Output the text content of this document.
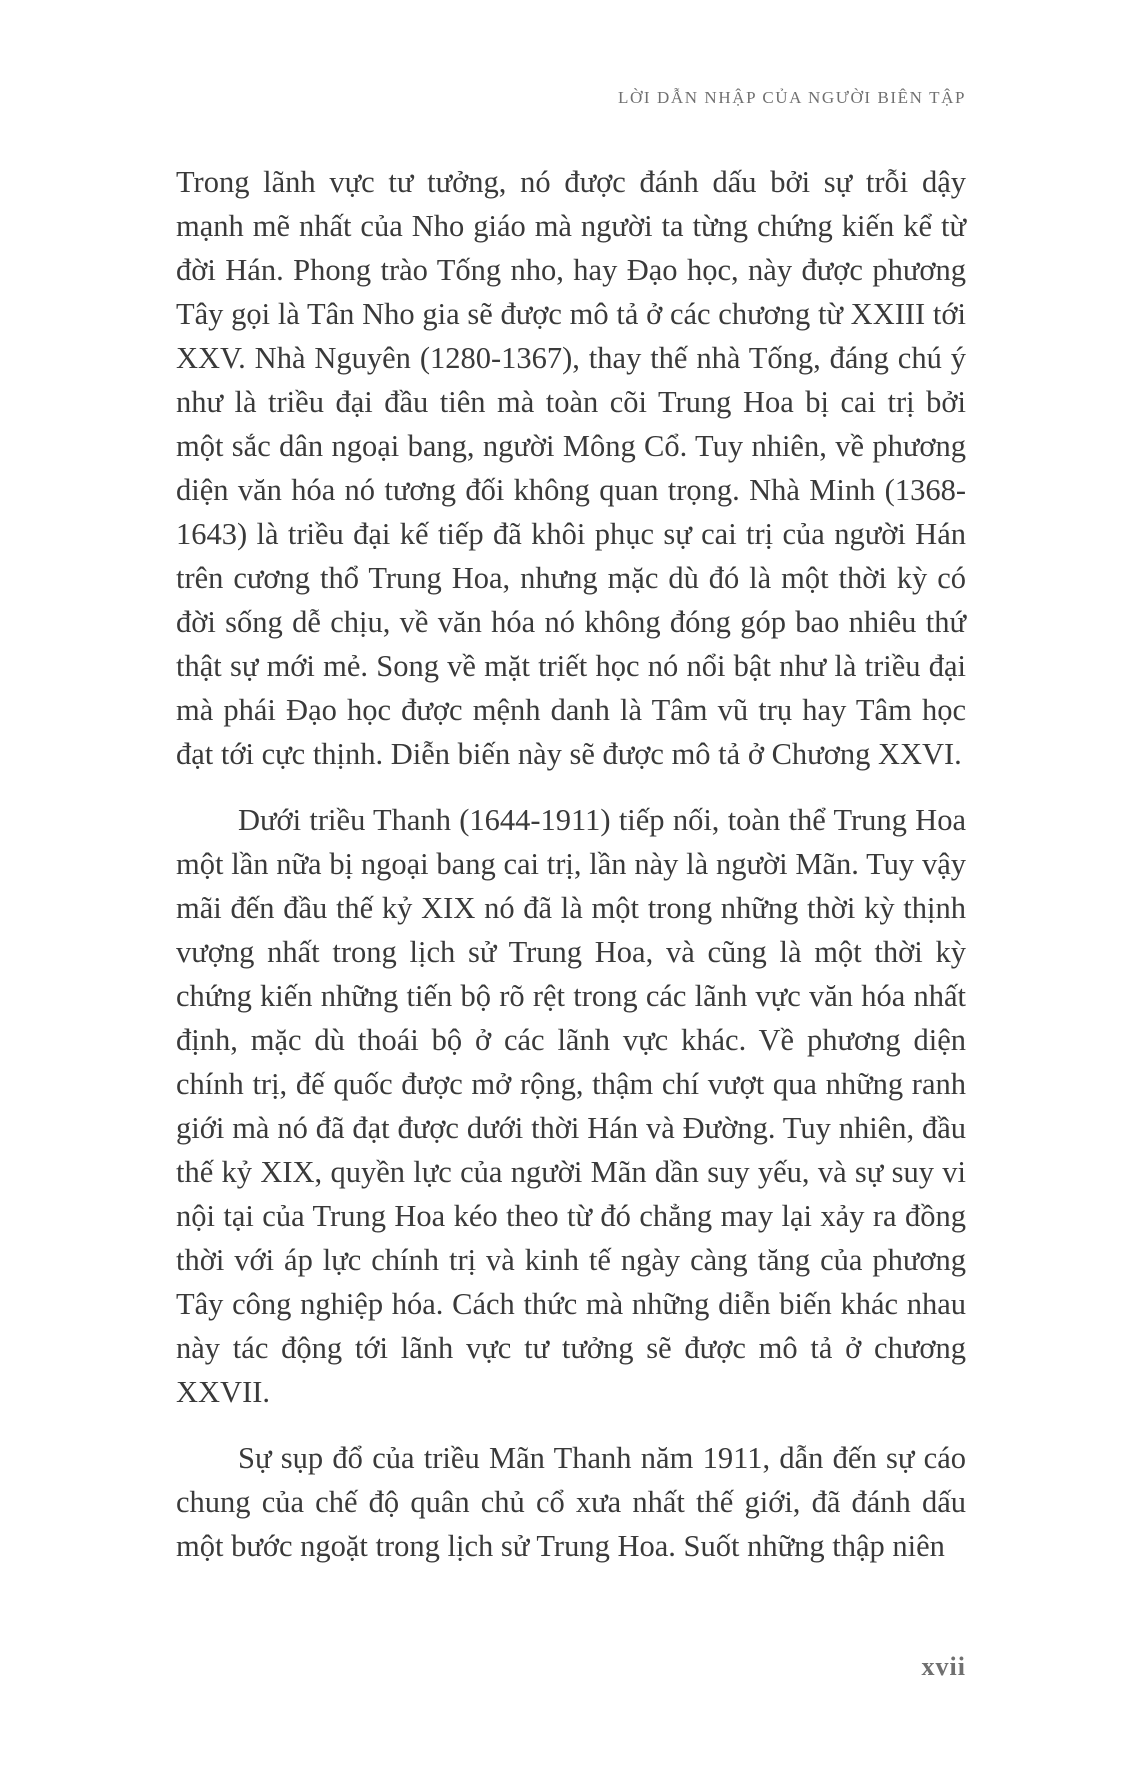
LỜI DẪN NHẬP CỦA NGƯỜI BIÊN TẬP

Trong lãnh vực tư tưởng, nó được đánh dấu bởi sự trỗi dậy mạnh mẽ nhất của Nho giáo mà người ta từng chứng kiến kể từ đời Hán. Phong trào Tống nho, hay Đạo học, này được phương Tây gọi là Tân Nho gia sẽ được mô tả ở các chương từ XXIII tới XXV. Nhà Nguyên (1280-1367), thay thế nhà Tống, đáng chú ý như là triều đại đầu tiên mà toàn cõi Trung Hoa bị cai trị bởi một sắc dân ngoại bang, người Mông Cổ. Tuy nhiên, về phương diện văn hóa nó tương đối không quan trọng. Nhà Minh (1368-1643) là triều đại kế tiếp đã khôi phục sự cai trị của người Hán trên cương thổ Trung Hoa, nhưng mặc dù đó là một thời kỳ có đời sống dễ chịu, về văn hóa nó không đóng góp bao nhiêu thứ thật sự mới mẻ. Song về mặt triết học nó nổi bật như là triều đại mà phái Đạo học được mệnh danh là Tâm vũ trụ hay Tâm học đạt tới cực thịnh. Diễn biến này sẽ được mô tả ở Chương XXVI.

Dưới triều Thanh (1644-1911) tiếp nối, toàn thể Trung Hoa một lần nữa bị ngoại bang cai trị, lần này là người Mãn. Tuy vậy mãi đến đầu thế kỷ XIX nó đã là một trong những thời kỳ thịnh vượng nhất trong lịch sử Trung Hoa, và cũng là một thời kỳ chứng kiến những tiến bộ rõ rệt trong các lãnh vực văn hóa nhất định, mặc dù thoái bộ ở các lãnh vực khác. Về phương diện chính trị, đế quốc được mở rộng, thậm chí vượt qua những ranh giới mà nó đã đạt được dưới thời Hán và Đường. Tuy nhiên, đầu thế kỷ XIX, quyền lực của người Mãn dần suy yếu, và sự suy vi nội tại của Trung Hoa kéo theo từ đó chẳng may lại xảy ra đồng thời với áp lực chính trị và kinh tế ngày càng tăng của phương Tây công nghiệp hóa. Cách thức mà những diễn biến khác nhau này tác động tới lãnh vực tư tưởng sẽ được mô tả ở chương XXVII.

Sự sụp đổ của triều Mãn Thanh năm 1911, dẫn đến sự cáo chung của chế độ quân chủ cổ xưa nhất thế giới, đã đánh dấu một bước ngoặt trong lịch sử Trung Hoa. Suốt những thập niên

xvii
